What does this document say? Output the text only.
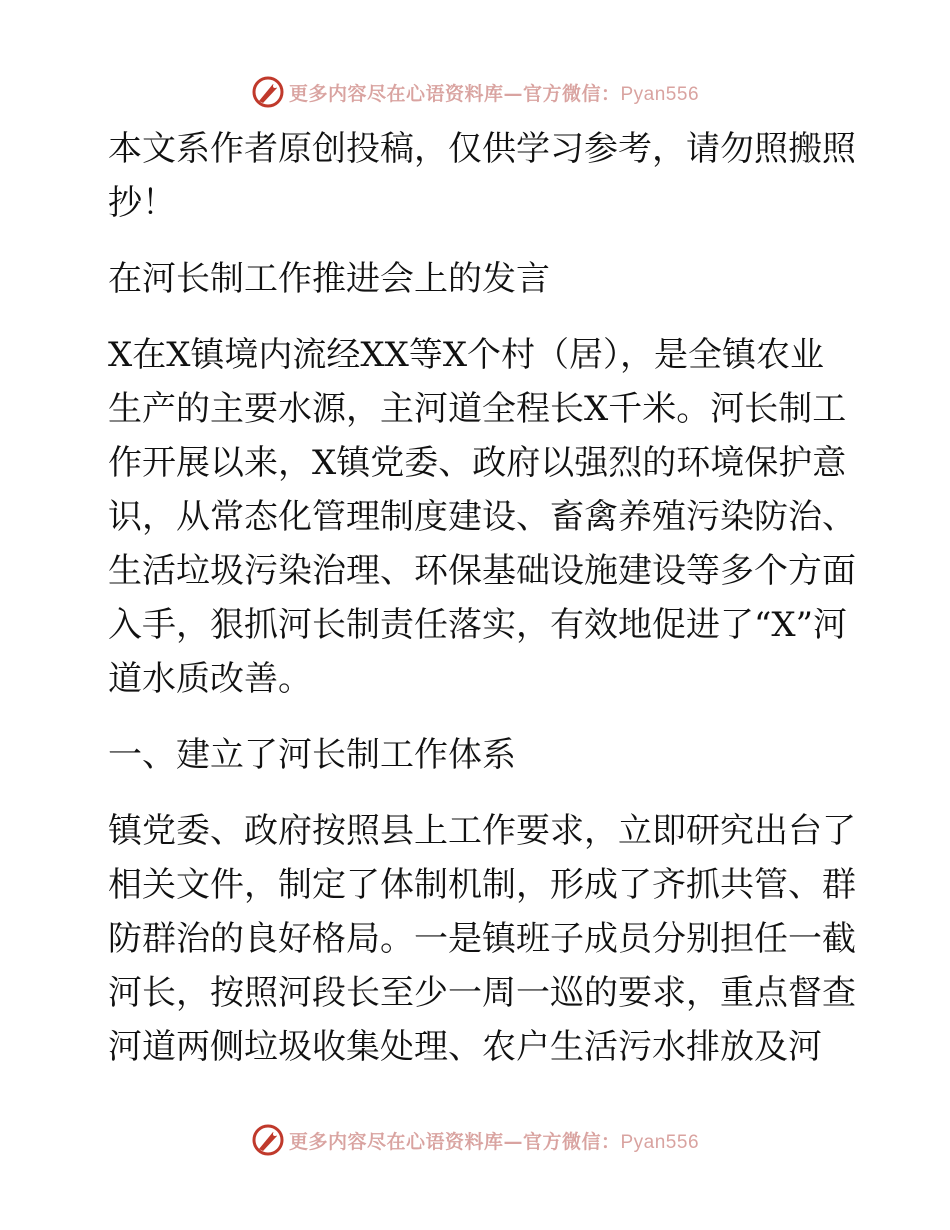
更多内容尽在心语资料库—官方微信：Pyan556

本文系作者原创投稿，仅供学习参考，请勿照搬照抄！

在河长制工作推进会上的发言

X在X镇境内流经XX等X个村（居），是全镇农业生产的主要水源，主河道全程长X千米。河长制工作开展以来，X镇党委、政府以强烈的环境保护意识，从常态化管理制度建设、畜禽养殖污染防治、生活垃圾污染治理、环保基础设施建设等多个方面入手，狠抓河长制责任落实，有效地促进了“X”河道水质改善。

一、建立了河长制工作体系

镇党委、政府按照县上工作要求，立即研究出台了相关文件，制定了体制机制，形成了齐抓共管、群防群治的良好格局。一是镇班子成员分别担任一截河长，按照河段长至少一周一巡的要求，重点督查河道两侧垃圾收集处理、农户生活污水排放及河

更多内容尽在心语资料库—官方微信：Pyan556
